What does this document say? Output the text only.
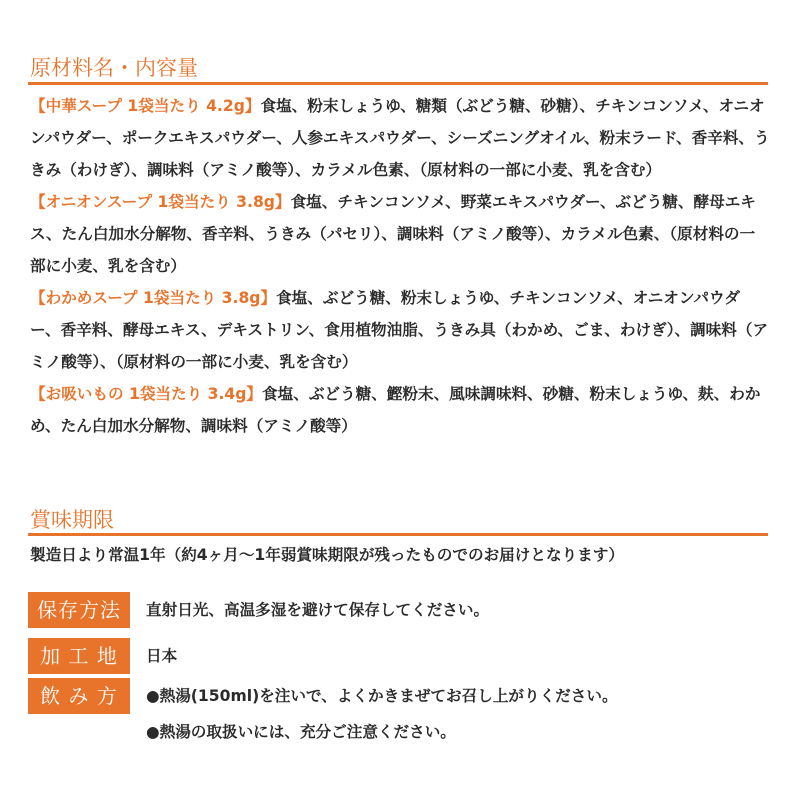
原材料名・内容量

【中華スープ 1袋当たり 4.2g】食塩、粉末しょうゆ、糖類（ぶどう糖、砂糖）、チキンコンソメ、オニオンパウダー、ポークエキスパウダー、人参エキスパウダー、シーズニングオイル、粉末ラード、香辛料、うきみ（わけぎ）、調味料（アミノ酸等）、カラメル色素、（原材料の一部に小麦、乳を含む）

【オニオンスープ 1袋当たり 3.8g】食塩、チキンコンソメ、野菜エキスパウダー、ぶどう糖、酵母エキス、たん白加水分解物、香辛料、うきみ（パセリ）、調味料（アミノ酸等）、カラメル色素、（原材料の一部に小麦、乳を含む）

【わかめスープ 1袋当たり 3.8g】食塩、ぶどう糖、粉末しょうゆ、チキンコンソメ、オニオンパウダー、香辛料、酵母エキス、デキストリン、食用植物油脂、うきみ具（わかめ、ごま、わけぎ）、調味料（アミノ酸等）、（原材料の一部に小麦、乳を含む）

【お吸いもの 1袋当たり 3.4g】食塩、ぶどう糖、鰹粉末、風味調味料、砂糖、粉末しょうゆ、麸、わかめ、たん白加水分解物、調味料（アミノ酸等）

賞味期限
製造日より常温1年（約4ヶ月～1年弱賞味期限が残ったものでのお届けとなります）
保存方法	直射日光、高温多湿を避けて保存してください。
加 工 地	日本
飲 み 方	●熱湯(150ml)を注いで、よくかきまぜてお召し上がりください。
●熱湯の取扱いには、充分ご注意ください。
